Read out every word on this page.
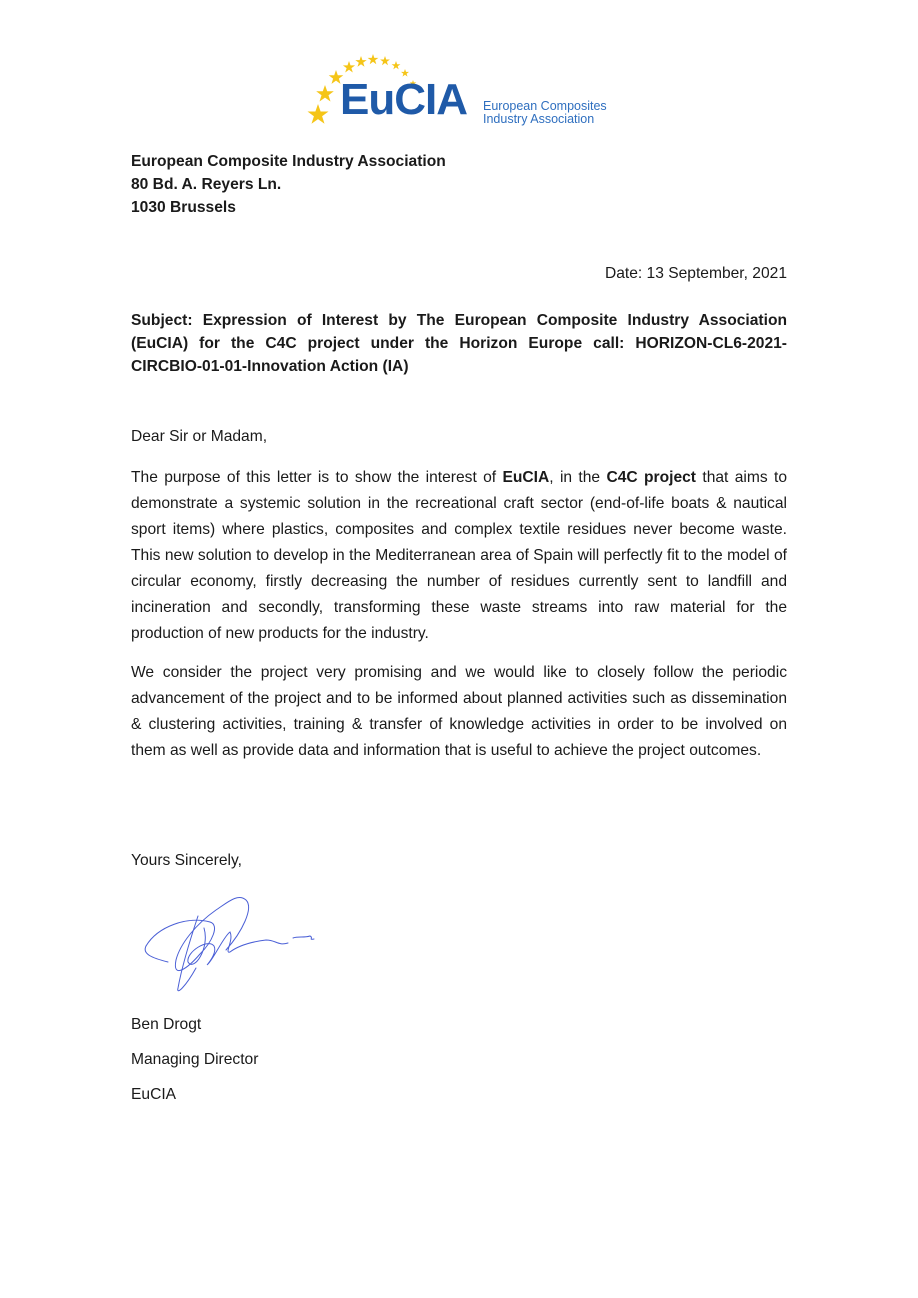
EuCIA European Composites
Industry Association
European Composite Industry Association
80 Bd. A. Reyers Ln.
1030 Brussels
Date: 13 September, 2021
Subject: Expression of Interest by The European Composite Industry Association (EuCIA) for the C4C project under the Horizon Europe call: HORIZON-CL6-2021-CIRCBIO-01-01-Innovation Action (IA)
Dear Sir or Madam,

The purpose of this letter is to show the interest of EuCIA, in the C4C project that aims to demonstrate a systemic solution in the recreational craft sector (end-of-life boats & nautical sport items) where plastics, composites and complex textile residues never become waste. This new solution to develop in the Mediterranean area of Spain will perfectly fit to the model of circular economy, firstly decreasing the number of residues currently sent to landfill and incineration and secondly, transforming these waste streams into raw material for the production of new products for the industry.

We consider the project very promising and we would like to closely follow the periodic advancement of the project and to be informed about planned activities such as dissemination & clustering activities, training & transfer of knowledge activities in order to be involved on them as well as provide data and information that is useful to achieve the project outcomes.

Yours Sincerely,
Ben Drogt
Managing Director
EuCIA
